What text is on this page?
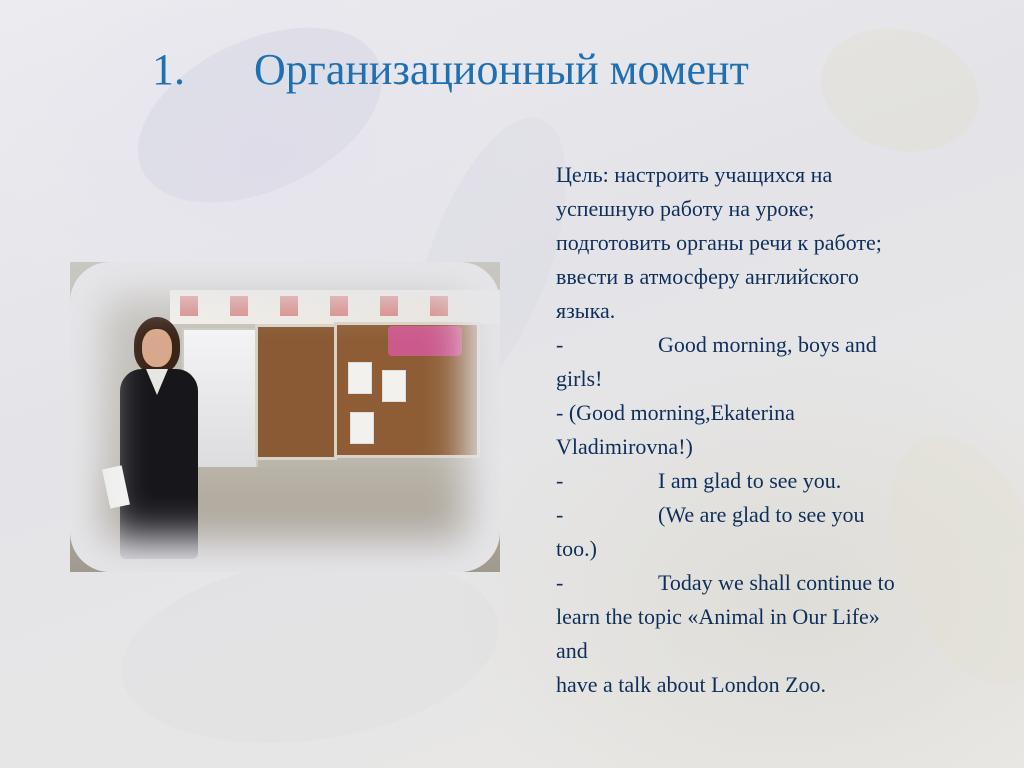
1.	Организационный момент
Цель: настроить учащихся на
успешную работу на уроке;
подготовить органы речи к работе;
ввести в атмосферу английского
языка.
-	Good morning, boys and
girls!
- (Good morning,Ekaterina
Vladimirovna!)
-	I am glad to see you.
-	(We are glad to see you
too.)
-	Today we shall continue to
learn the topic «Animal in Our Life»
and
have a talk about London Zoo.
